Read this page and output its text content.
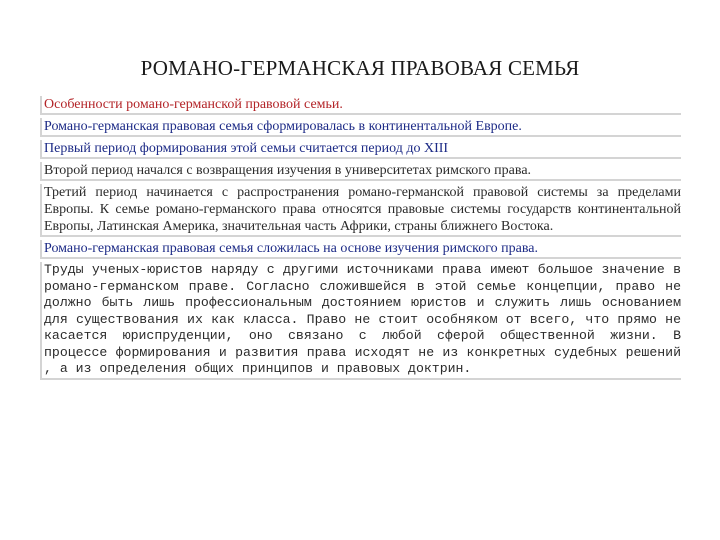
РОМАНО-ГЕРМАНСКАЯ ПРАВОВАЯ СЕМЬЯ
Особенности романо-германской правовой семьи.
Романо-германская правовая семья сформировалась в континентальной Европе.
Первый период формирования этой семьи считается период до XIII
Второй период начался с возвращения изучения в университетах римского права.
Третий период начинается с распространения романо-германской правовой системы за пределами Европы. К семье романо-германского права относятся правовые системы государств континентальной Европы, Латинская Америка, значительная часть Африки, страны ближнего Востока.
Романо-германская правовая семья сложилась на основе изучения римского права.
Труды ученых-юристов наряду с другими источниками права имеют большое значение в романо-германском праве. Согласно сложившейся в этой семье концепции, право не должно быть лишь профессиональным достоянием юристов и служить лишь основанием для существования их как класса. Право не стоит особняком от всего, что прямо не касается юриспруденции, оно связано с любой сферой общественной жизни. В процессе формирования и развития права исходят не из конкретных судебных решений , а из определения общих принципов и правовых доктрин.
